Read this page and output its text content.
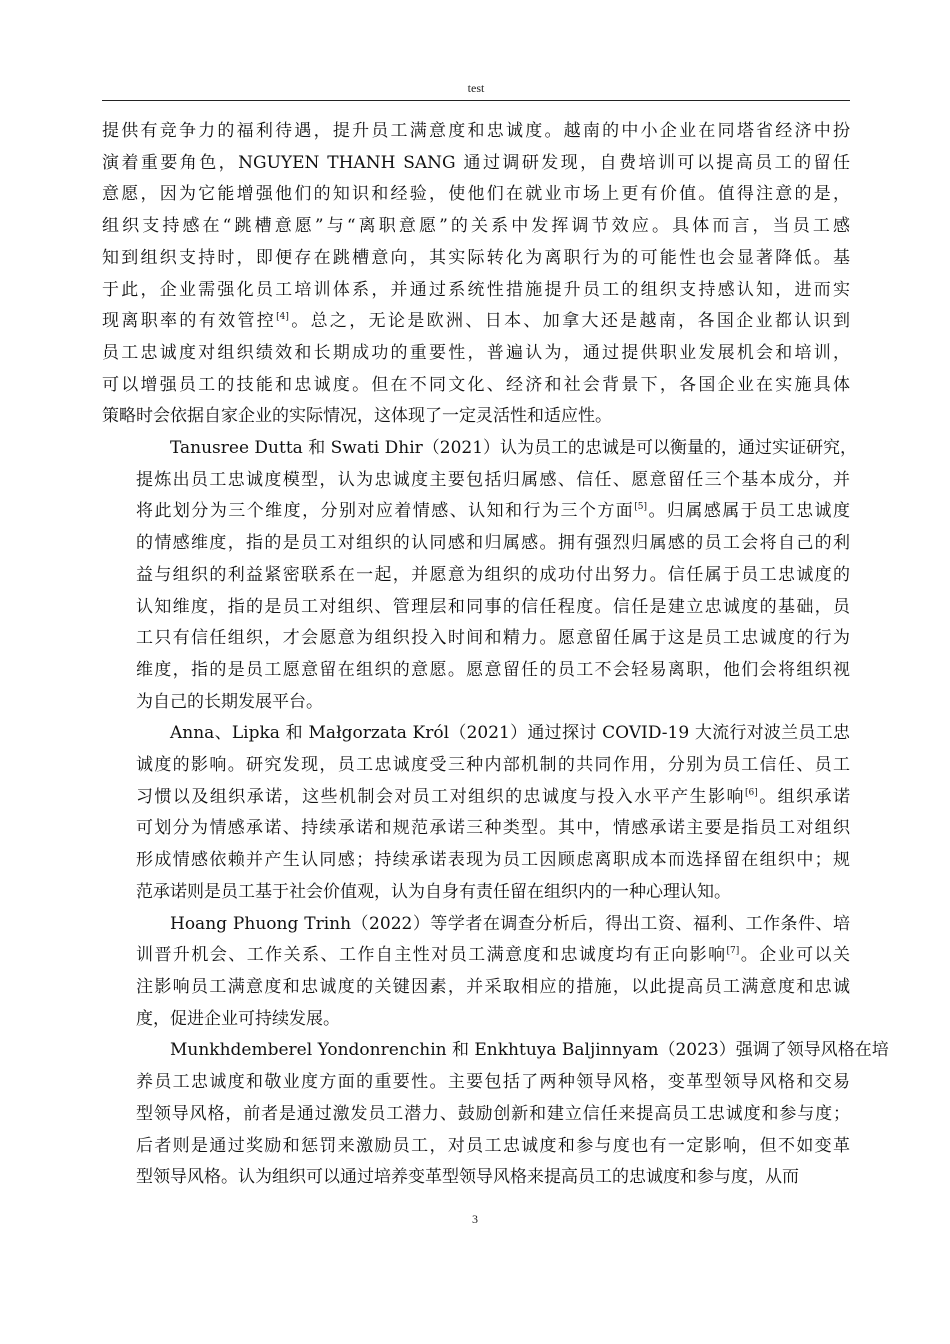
test

提供有竞争力的福利待遇，提升员工满意度和忠诚度。越南的中小企业在同塔省经济中扮
演着重要角色，NGUYEN THANH SANG 通过调研发现，自费培训可以提高员工的留任
意愿，因为它能增强他们的知识和经验，使他们在就业市场上更有价值。值得注意的是，
组织支持感在“跳槽意愿”与“离职意愿”的关系中发挥调节效应。具体而言，当员工感
知到组织支持时，即便存在跳槽意向，其实际转化为离职行为的可能性也会显著降低。基
于此，企业需强化员工培训体系，并通过系统性措施提升员工的组织支持感认知，进而实
现离职率的有效管控[4]。总之，无论是欧洲、日本、加拿大还是越南，各国企业都认识到
员工忠诚度对组织绩效和长期成功的重要性，普遍认为，通过提供职业发展机会和培训，
可以增强员工的技能和忠诚度。但在不同文化、经济和社会背景下，各国企业在实施具体
策略时会依据自家企业的实际情况，这体现了一定灵活性和适应性。

Tanusree Dutta 和 Swati Dhir（2021）认为员工的忠诚是可以衡量的，通过实证研究，
提炼出员工忠诚度模型，认为忠诚度主要包括归属感、信任、愿意留任三个基本成分，并
将此划分为三个维度，分别对应着情感、认知和行为三个方面[5]。归属感属于员工忠诚度
的情感维度，指的是员工对组织的认同感和归属感。拥有强烈归属感的员工会将自己的利
益与组织的利益紧密联系在一起，并愿意为组织的成功付出努力。信任属于员工忠诚度的
认知维度，指的是员工对组织、管理层和同事的信任程度。信任是建立忠诚度的基础，员
工只有信任组织，才会愿意为组织投入时间和精力。愿意留任属于这是员工忠诚度的行为
维度，指的是员工愿意留在组织的意愿。愿意留任的员工不会轻易离职，他们会将组织视
为自己的长期发展平台。

Anna、Lipka 和 Małgorzata Król（2021）通过探讨 COVID-19 大流行对波兰员工忠
诚度的影响。研究发现，员工忠诚度受三种内部机制的共同作用，分别为员工信任、员工
习惯以及组织承诺，这些机制会对员工对组织的忠诚度与投入水平产生影响[6]。组织承诺
可划分为情感承诺、持续承诺和规范承诺三种类型。其中，情感承诺主要是指员工对组织
形成情感依赖并产生认同感；持续承诺表现为员工因顾虑离职成本而选择留在组织中；规
范承诺则是员工基于社会价值观，认为自身有责任留在组织内的一种心理认知。

Hoang Phuong Trinh（2022）等学者在调查分析后，得出工资、福利、工作条件、培
训晋升机会、工作关系、工作自主性对员工满意度和忠诚度均有正向影响[7]。企业可以关
注影响员工满意度和忠诚度的关键因素，并采取相应的措施，以此提高员工满意度和忠诚
度，促进企业可持续发展。

Munkhdemberel Yondonrenchin 和 Enkhtuya Baljinnyam（2023）强调了领导风格在培
养员工忠诚度和敬业度方面的重要性。主要包括了两种领导风格，变革型领导风格和交易
型领导风格，前者是通过激发员工潜力、鼓励创新和建立信任来提高员工忠诚度和参与度；
后者则是通过奖励和惩罚来激励员工，对员工忠诚度和参与度也有一定影响，但不如变革
型领导风格。认为组织可以通过培养变革型领导风格来提高员工的忠诚度和参与度，从而

3
